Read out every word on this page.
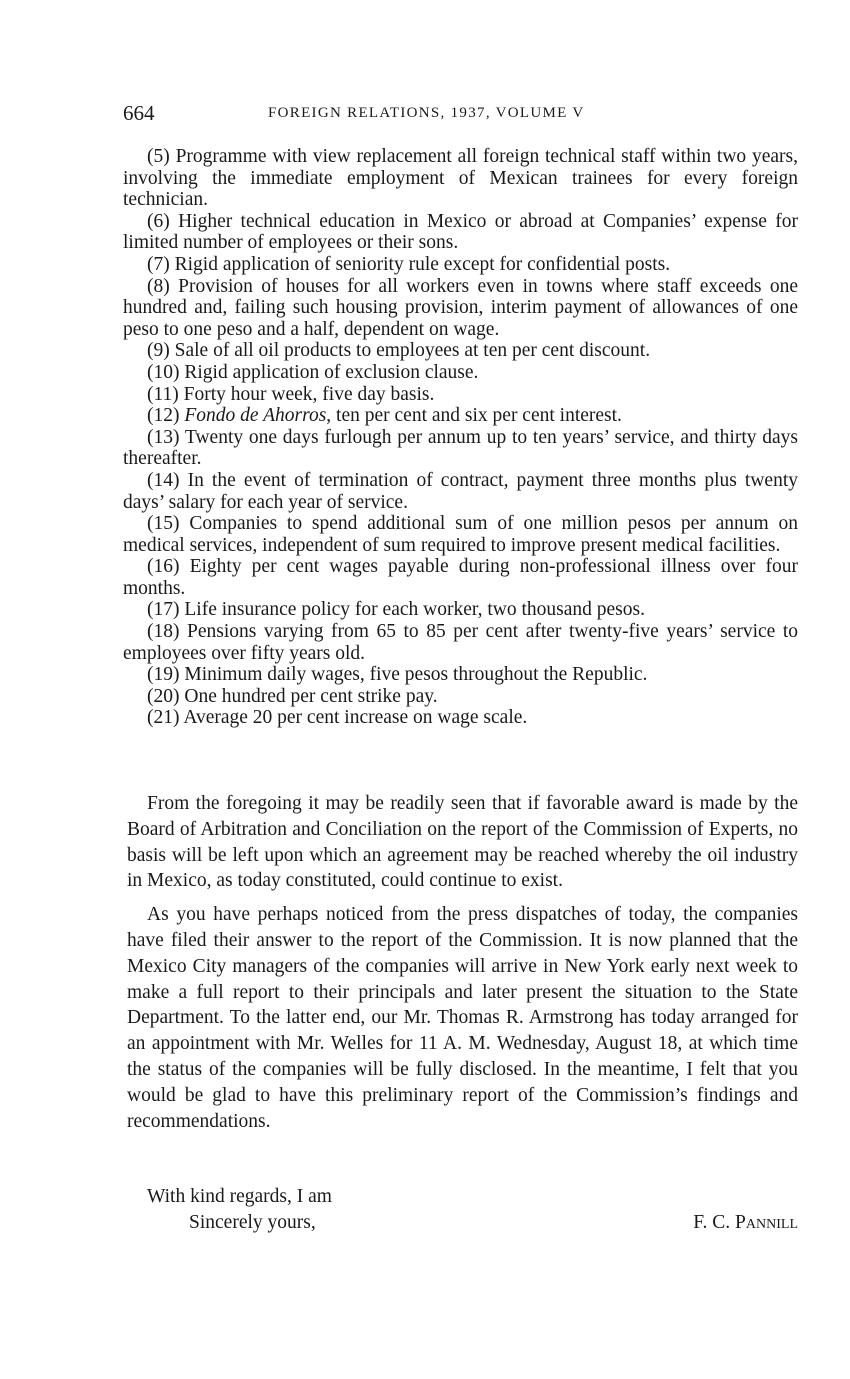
664	FOREIGN RELATIONS, 1937, VOLUME V

(5) Programme with view replacement all foreign technical staff within two years, involving the immediate employment of Mexican trainees for every foreign technician.

(6) Higher technical education in Mexico or abroad at Companies’ expense for limited number of employees or their sons.

(7) Rigid application of seniority rule except for confidential posts.

(8) Provision of houses for all workers even in towns where staff exceeds one hundred and, failing such housing provision, interim payment of allowances of one peso to one peso and a half, dependent on wage.

(9) Sale of all oil products to employees at ten per cent discount.

(10) Rigid application of exclusion clause.

(11) Forty hour week, five day basis.

(12) Fondo de Ahorros, ten per cent and six per cent interest.

(13) Twenty one days furlough per annum up to ten years’ service, and thirty days thereafter.

(14) In the event of termination of contract, payment three months plus twenty days’ salary for each year of service.

(15) Companies to spend additional sum of one million pesos per annum on medical services, independent of sum required to improve present medical facilities.

(16) Eighty per cent wages payable during non-professional illness over four months.

(17) Life insurance policy for each worker, two thousand pesos.

(18) Pensions varying from 65 to 85 per cent after twenty-five years’ service to employees over fifty years old.

(19) Minimum daily wages, five pesos throughout the Republic.

(20) One hundred per cent strike pay.

(21) Average 20 per cent increase on wage scale.

From the foregoing it may be readily seen that if favorable award is made by the Board of Arbitration and Conciliation on the report of the Commission of Experts, no basis will be left upon which an agreement may be reached whereby the oil industry in Mexico, as today constituted, could continue to exist.

As you have perhaps noticed from the press dispatches of today, the companies have filed their answer to the report of the Commission. It is now planned that the Mexico City managers of the companies will arrive in New York early next week to make a full report to their principals and later present the situation to the State Department. To the latter end, our Mr. Thomas R. Armstrong has today arranged for an appointment with Mr. Welles for 11 A. M. Wednesday, August 18, at which time the status of the companies will be fully disclosed. In the meantime, I felt that you would be glad to have this preliminary report of the Commission’s findings and recommendations.

With kind regards, I am
Sincerely yours,	F. C. Pannill
